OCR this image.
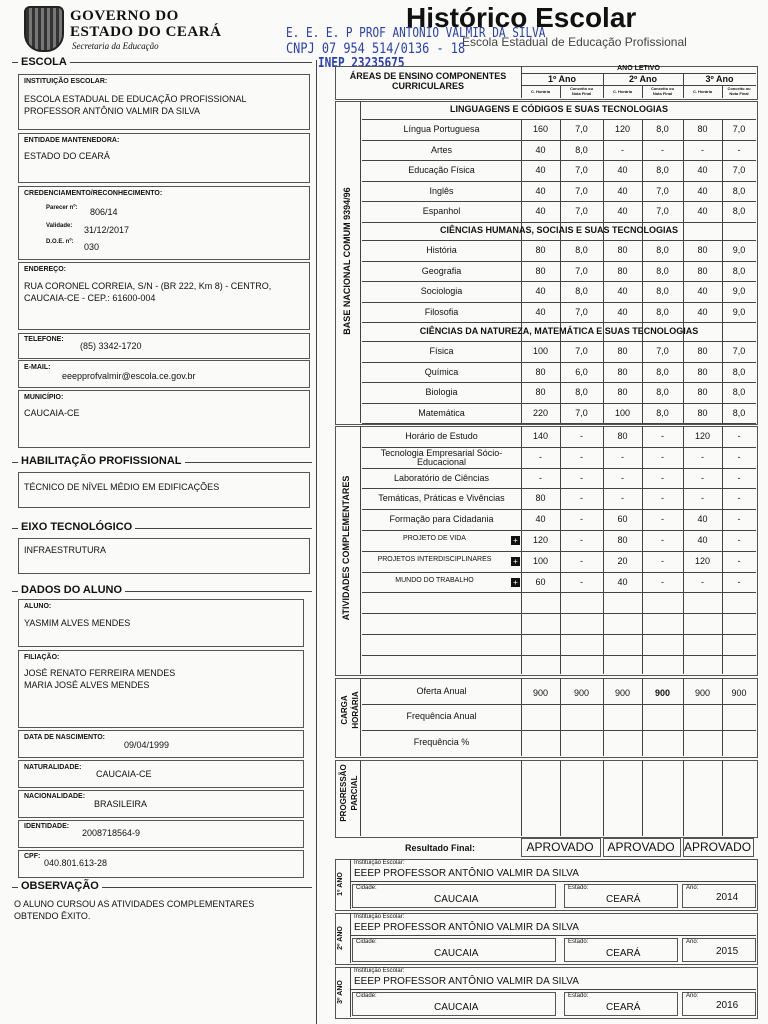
GOVERNO DO
ESTADO DO CEARÁ
Secretaria da Educação
Histórico Escolar
Escola Estadual de Educação Profissional
E. E. E. P PROF ANTONIO VALMIR DA SILVA
CNPJ 07 954 514/0136 - 18
INEP 23235675
ESCOLA
INSTITUIÇÃO ESCOLAR:
ESCOLA ESTADUAL DE EDUCAÇÃO PROFISSIONAL
PROFESSOR ANTÔNIO VALMIR DA SILVA
ENTIDADE MANTENEDORA:
ESTADO DO CEARÁ
CREDENCIAMENTO/RECONHECIMENTO:
Parecer nº: 806/14
Validade: 31/12/2017
D.O.E. nº: 030
ENDEREÇO:
RUA CORONEL CORREIA, S/N - (BR 222, Km 8) - CENTRO,
CAUCAIA-CE - CEP.: 61600-004
TELEFONE:
(85) 3342-1720
E-MAIL:
eeepprofvalmir@escola.ce.gov.br
MUNICÍPIO:
CAUCAIA-CE
HABILITAÇÃO PROFISSIONAL
TÉCNICO DE NÍVEL MÉDIO EM EDIFICAÇÕES
EIXO TECNOLÓGICO
INFRAESTRUTURA
DADOS DO ALUNO
ALUNO:
YASMIM ALVES MENDES
FILIAÇÃO:
JOSÉ RENATO FERREIRA MENDES
MARIA JOSÉ ALVES MENDES
DATA DE NASCIMENTO:
09/04/1999
NATURALIDADE:
CAUCAIA-CE
NACIONALIDADE:
BRASILEIRA
IDENTIDADE:
2008718564-9
CPF:
040.801.613-28
OBSERVAÇÃO
O ALUNO CURSOU AS ATIVIDADES COMPLEMENTARES
OBTENDO ÊXITO.
ÁREAS DE ENSINO COMPONENTES
CURRICULARES
ANO LETIVO
1º Ano
C. Horária
Conceito ou
Nota Final
2º Ano
C. Horária
Conceito ou
Nota Final
3º Ano
C. Horária
Conceito ou
Nota Final
BASE NACIONAL COMUM 9394/96
ATIVIDADES COMPLEMENTARES
CARGA HORÁRIA
PROGRESSÃO PARCIAL
LINGUAGENS E CÓDIGOS E SUAS TECNOLOGIAS
Língua Portuguesa	160	7,0	120	8,0	80	7,0
Artes	40	8,0	-	-	-	-
Educação Física	40	7,0	40	8,0	40	7,0
Inglês	40	7,0	40	7,0	40	8,0
Espanhol	40	7,0	40	7,0	40	8,0
CIÊNCIAS HUMANAS, SOCIAIS E SUAS TECNOLOGIAS
História	80	8,0	80	8,0	80	9,0
Geografia	80	7,0	80	8,0	80	8,0
Sociologia	40	8,0	40	8,0	40	9,0
Filosofia	40	7,0	40	8,0	40	9,0
CIÊNCIAS DA NATUREZA, MATEMÁTICA E SUAS TECNOLOGIAS
Física	100	7,0	80	7,0	80	7,0
Química	80	6,0	80	8,0	80	8,0
Biologia	80	8,0	80	8,0	80	8,0
Matemática	220	7,0	100	8,0	80	8,0
Horário de Estudo	140	-	80	-	120	-
Tecnologia Empresarial Sócio-Educacional	-	-	-	-	-	-
Laboratório de Ciências	-	-	-	-	-	-
Temáticas, Práticas e Vivências	80	-	-	-	-	-
Formação para Cidadania	40	-	60	-	40	-
PROJETO DE VIDA	+	120	-	80	-	40	-
PROJETOS INTERDISCIPLINARES	+	100	-	20	-	120	-
MUNDO DO TRABALHO	+	60	-	40	-	-	-
Oferta Anual	900	900	900	900	900	900
Frequência Anual
Frequência %
Resultado Final:	APROVADO	APROVADO APROVADO
1º ANO
Instituição Escolar:
EEEP PROFESSOR ANTÔNIO VALMIR DA SILVA
Cidade:
CAUCAIA
Estado:
CEARÁ
Ano:
2014
2º ANO
Instituição Escolar:
EEEP PROFESSOR ANTÔNIO VALMIR DA SILVA
Cidade:
CAUCAIA
Estado:
CEARÁ
Ano:
2015
3º ANO
Instituição Escolar:
EEEP PROFESSOR ANTÔNIO VALMIR DA SILVA
Cidade:
CAUCAIA
Estado:
CEARÁ
Ano:
2016
